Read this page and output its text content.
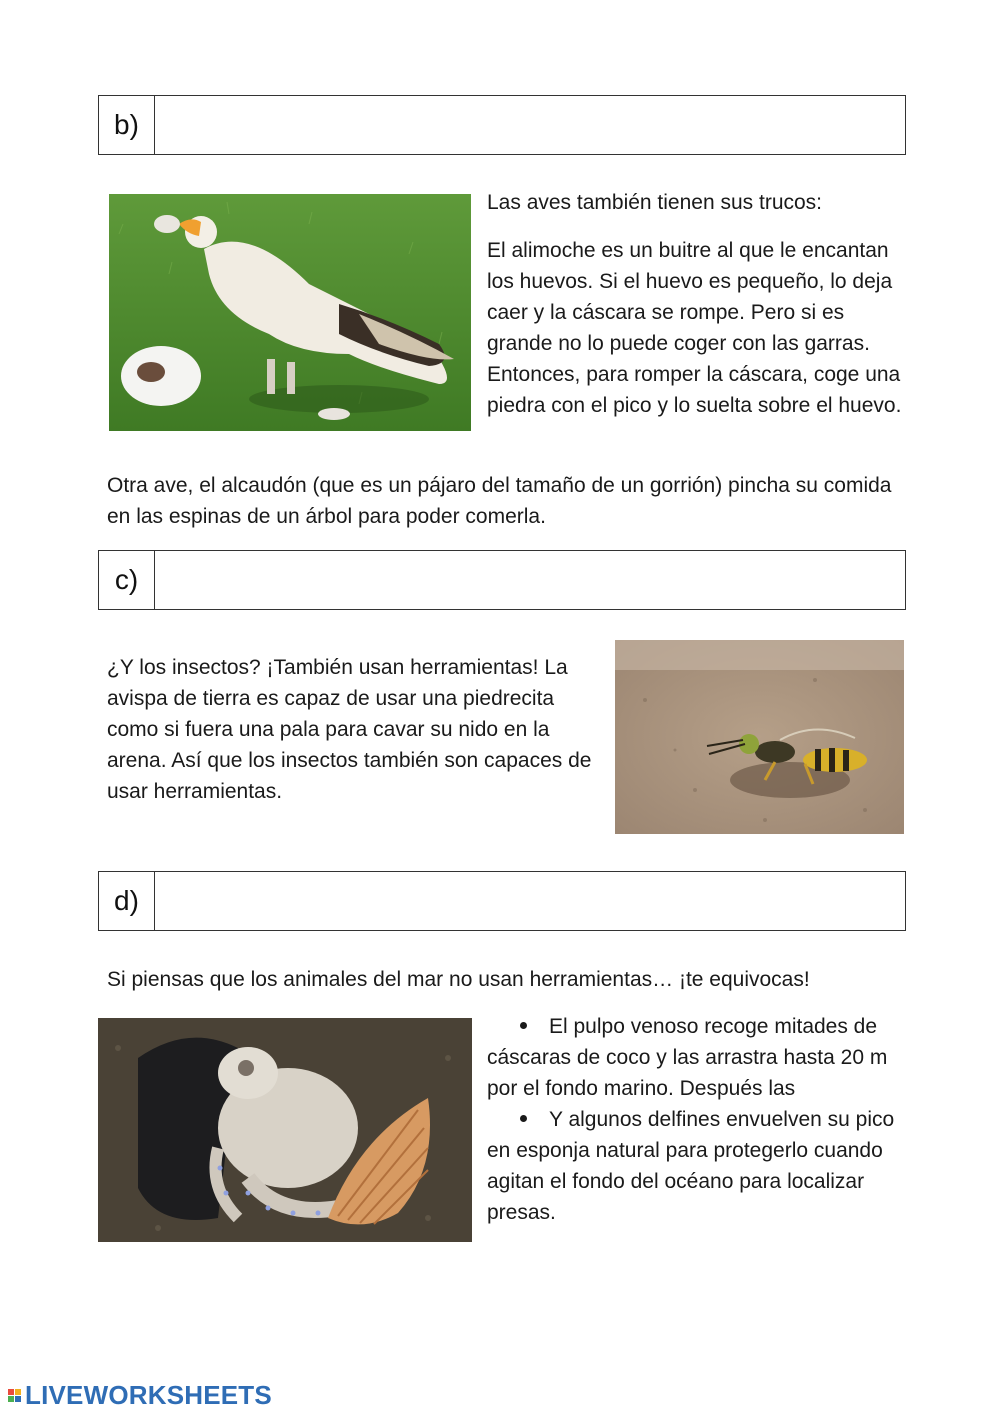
b)
Las aves también tienen sus trucos:
El alimoche es un buitre al que le encantan los huevos. Si el huevo es pequeño, lo deja caer y la cáscara se rompe. Pero si es grande no lo puede coger con las garras. Entonces, para romper la cáscara, coge una piedra con el pico y lo suelta sobre el huevo.
Otra ave, el alcaudón (que es un pájaro del tamaño de un gorrión) pincha su comida en las espinas de un árbol para poder comerla.
c)
¿Y los insectos? ¡También usan herramientas! La avispa de tierra es capaz de usar una piedrecita como si fuera una pala para cavar su nido en la arena. Así que los insectos también son capaces de usar herramientas.
d)
Si piensas que los animales del mar no usan herramientas… ¡te equivocas!
El pulpo venoso recoge mitades de cáscaras de coco y las arrastra hasta 20 m por el fondo marino. Después las
Y algunos delfines envuelven su pico en esponja natural para protegerlo cuando agitan el fondo del océano para localizar presas.
LIVEWORKSHEETS
